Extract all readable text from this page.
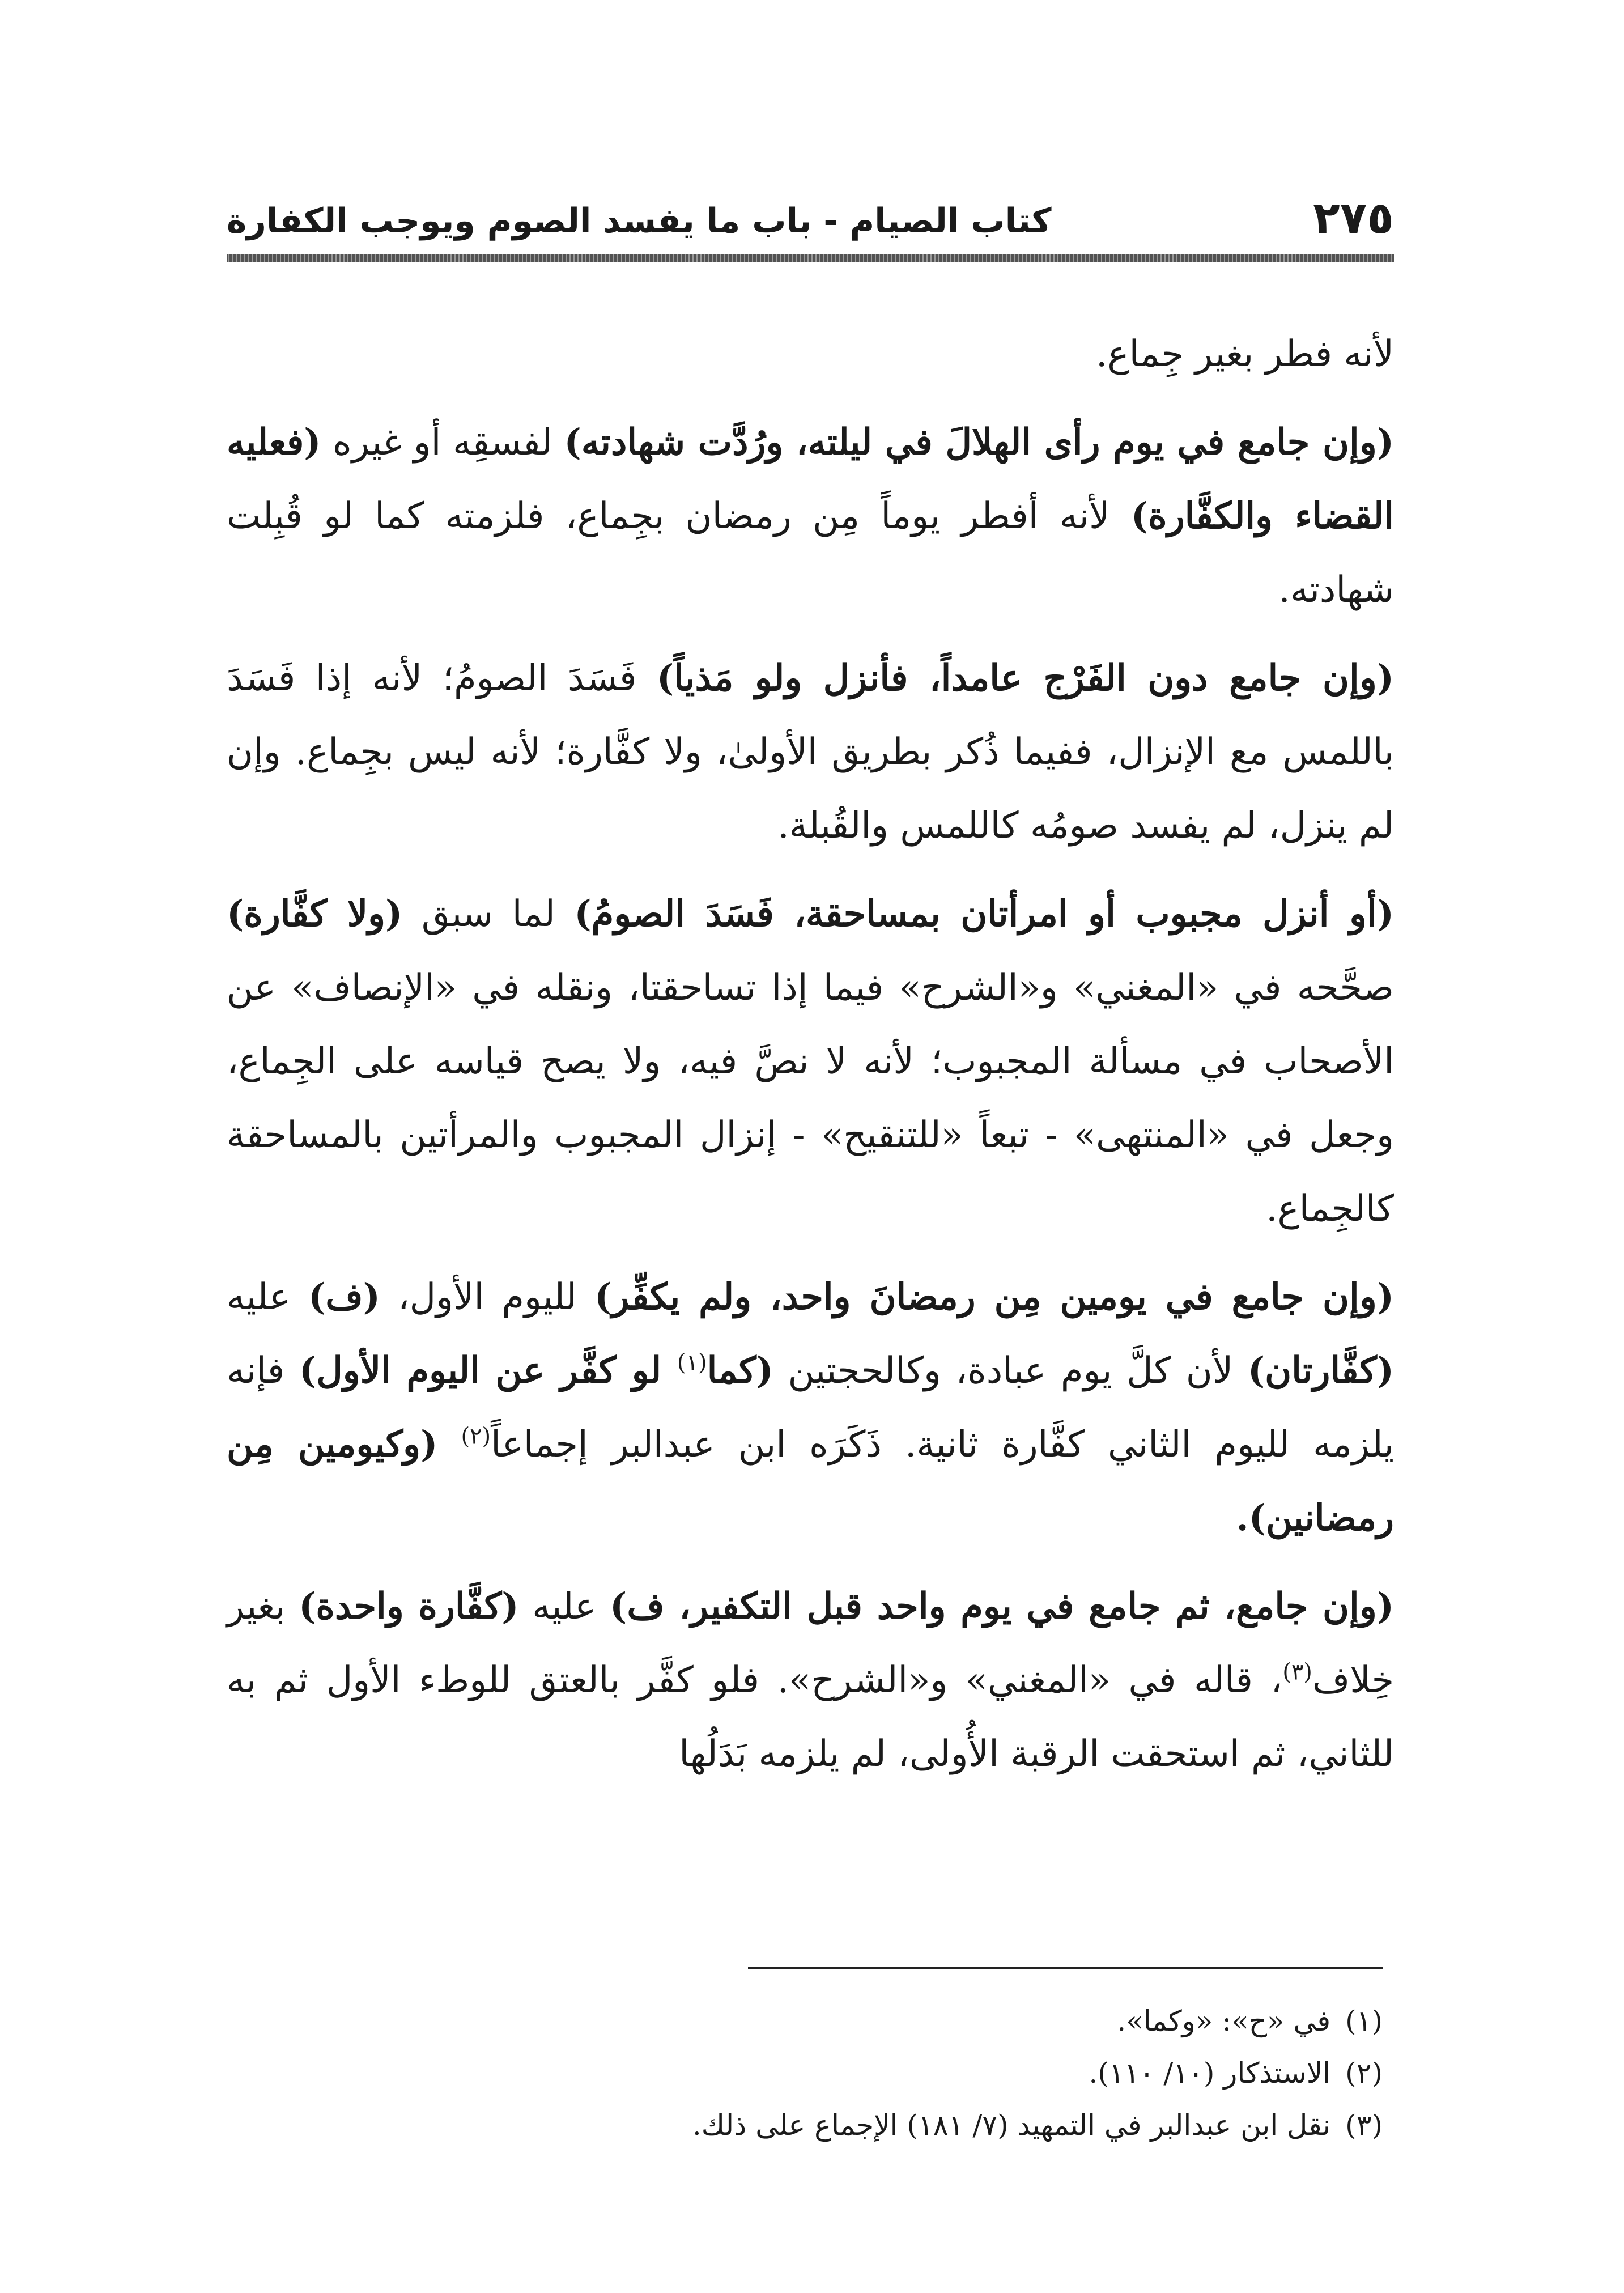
٢٧٥
كتاب الصيام - باب ما يفسد الصوم ويوجب الكفارة

لأنه فطر بغير جِماع.

(وإن جامع في يوم رأى الهلالَ في ليلته، ورُدَّت شهادته) لفسقِه أو غيره (فعليه القضاء والكفَّارة) لأنه أفطر يوماً مِن رمضان بجِماع، فلزمته كما لو قُبِلت شهادته.

(وإن جامع دون الفَرْج عامداً، فأنزل ولو مَذياً) فَسَدَ الصومُ؛ لأنه إذا فَسَدَ باللمس مع الإنزال، ففيما ذُكر بطريق الأولىٰ، ولا كفَّارة؛ لأنه ليس بجِماع. وإن لم ينزل، لم يفسد صومُه كاللمس والقُبلة.

(أو أنزل مجبوب أو امرأتان بمساحقة، فَسَدَ الصومُ) لما سبق (ولا كفَّارة) صحَّحه في «المغني» و«الشرح» فيما إذا تساحقتا، ونقله في «الإنصاف» عن الأصحاب في مسألة المجبوب؛ لأنه لا نصَّ فيه، ولا يصح قياسه على الجِماع، وجعل في «المنتهى» - تبعاً «للتنقيح» - إنزال المجبوب والمرأتين بالمساحقة كالجِماع.

(وإن جامع في يومين مِن رمضانَ واحد، ولم يكفِّر) لليوم الأول، (ف) عليه (كفَّارتان) لأن كلَّ يوم عبادة، وكالحجتين (كما$^{(١)}$ لو كفَّر عن اليوم الأول) فإنه يلزمه لليوم الثاني كفَّارة ثانية. ذَكَرَه ابن عبدالبر إجماعاً$^{(٢)}$ (وكيومين مِن رمضانين).

(وإن جامع، ثم جامع في يوم واحد قبل التكفير، ف) عليه (كفَّارة واحدة) بغير خِلاف$^{(٣)}$، قاله في «المغني» و«الشرح». فلو كفَّر بالعتق للوطء الأول ثم به للثاني، ثم استحقت الرقبة الأُولى، لم يلزمه بَدَلُها

(١)في «ح»: «وكما».

(٢)الاستذكار (١٠/ ١١٠).

(٣)نقل ابن عبدالبر في التمهيد (٧/ ١٨١) الإجماع على ذلك.
